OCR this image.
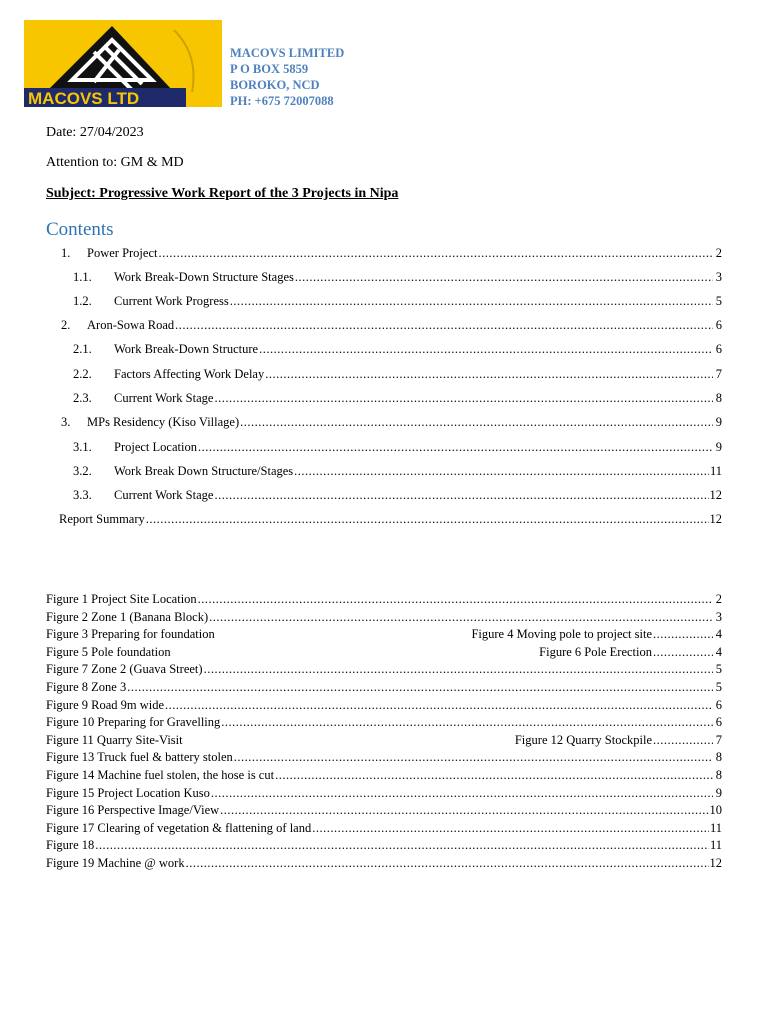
MACOVS LTD
MACOVS LIMITED
P O BOX 5859
BOROKO, NCD
PH: +675 72007088
Date: 27/04/2023
Attention to: GM & MD
Subject: Progressive Work Report of the 3 Projects in Nipa
Contents
1.	Power Project .....	2
1.1.	Work Break-Down Structure Stages .....	3
1.2.	Current Work Progress .....	5
2.	Aron-Sowa Road .....	6
2.1.	Work Break-Down Structure .....	6
2.2.	Factors Affecting Work Delay .....	7
2.3.	Current Work Stage .....	8
3.	MPs Residency (Kiso Village) .....	9
3.1.	Project Location .....	9
3.2.	Work Break Down Structure/Stages .....	11
3.3.	Current Work Stage .....	12
Report Summary .....	12
Figure 1 Project Site Location .....	2
Figure 2 Zone 1 (Banana Block) .....	3
Figure 3 Preparing for foundation	Figure 4 Moving pole to project site .....	4
Figure 5 Pole foundation	Figure 6 Pole Erection .....	4
Figure 7 Zone 2 (Guava Street) .....	5
Figure 8 Zone 3 .....	5
Figure 9 Road 9m wide .....	6
Figure 10 Preparing for Gravelling .....	6
Figure 11 Quarry Site-Visit	Figure 12 Quarry Stockpile .....	7
Figure 13 Truck fuel & battery stolen .....	8
Figure 14 Machine fuel stolen, the hose is cut .....	8
Figure 15 Project Location Kuso .....	9
Figure 16 Perspective Image/View .....	10
Figure 17 Clearing of vegetation & flattening of land .....	11
Figure 18 .....	11
Figure 19 Machine @ work .....	12
